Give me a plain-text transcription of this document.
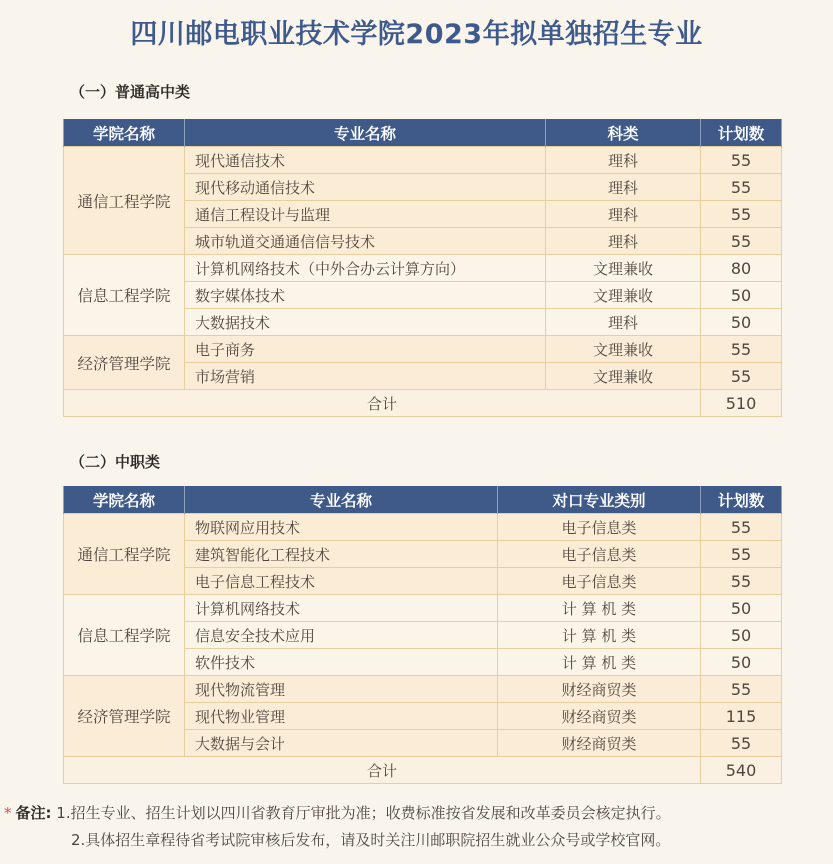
四川邮电职业技术学院2023年拟单独招生专业
（一）普通高中类
学院名称	专业名称	科类	计划数
通信工程学院	现代通信技术	理科	55
	现代移动通信技术	理科	55
	通信工程设计与监理	理科	55
	城市轨道交通通信信号技术	理科	55
信息工程学院	计算机网络技术（中外合办云计算方向）	文理兼收	80
	数字媒体技术	文理兼收	50
	大数据技术	理科	50
经济管理学院	电子商务	文理兼收	55
	市场营销	文理兼收	55
合计			510
（二）中职类
学院名称	专业名称	对口专业类别	计划数
通信工程学院	物联网应用技术	电子信息类	55
	建筑智能化工程技术	电子信息类	55
	电子信息工程技术	电子信息类	55
信息工程学院	计算机网络技术	计 算 机 类	50
	信息安全技术应用	计 算 机 类	50
	软件技术	计 算 机 类	50
经济管理学院	现代物流管理	财经商贸类	55
	现代物业管理	财经商贸类	115
	大数据与会计	财经商贸类	55
合计			540
* 备注: 1.招生专业、招生计划以四川省教育厅审批为准；收费标准按省发展和改革委员会核定执行。
2.具体招生章程待省考试院审核后发布，请及时关注川邮职院招生就业公众号或学校官网。
